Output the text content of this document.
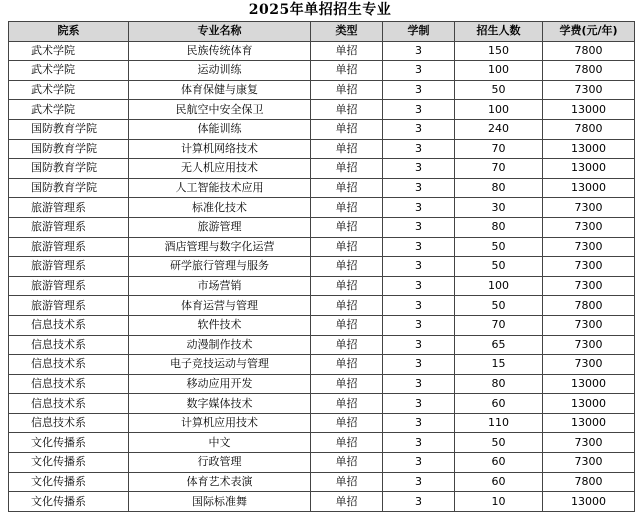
2025年单招招生专业
院系	专业名称	类型	学制	招生人数	学费(元/年)
武术学院	民族传统体育	单招	3	150	7800
武术学院	运动训练	单招	3	100	7800
武术学院	体育保健与康复	单招	3	50	7300
武术学院	民航空中安全保卫	单招	3	100	13000
国防教育学院	体能训练	单招	3	240	7800
国防教育学院	计算机网络技术	单招	3	70	13000
国防教育学院	无人机应用技术	单招	3	70	13000
国防教育学院	人工智能技术应用	单招	3	80	13000
旅游管理系	标准化技术	单招	3	30	7300
旅游管理系	旅游管理	单招	3	80	7300
旅游管理系	酒店管理与数字化运营	单招	3	50	7300
旅游管理系	研学旅行管理与服务	单招	3	50	7300
旅游管理系	市场营销	单招	3	100	7300
旅游管理系	体育运营与管理	单招	3	50	7800
信息技术系	软件技术	单招	3	70	7300
信息技术系	动漫制作技术	单招	3	65	7300
信息技术系	电子竞技运动与管理	单招	3	15	7300
信息技术系	移动应用开发	单招	3	80	13000
信息技术系	数字媒体技术	单招	3	60	13000
信息技术系	计算机应用技术	单招	3	110	13000
文化传播系	中文	单招	3	50	7300
文化传播系	行政管理	单招	3	60	7300
文化传播系	体育艺术表演	单招	3	60	7800
文化传播系	国际标准舞	单招	3	10	13000
